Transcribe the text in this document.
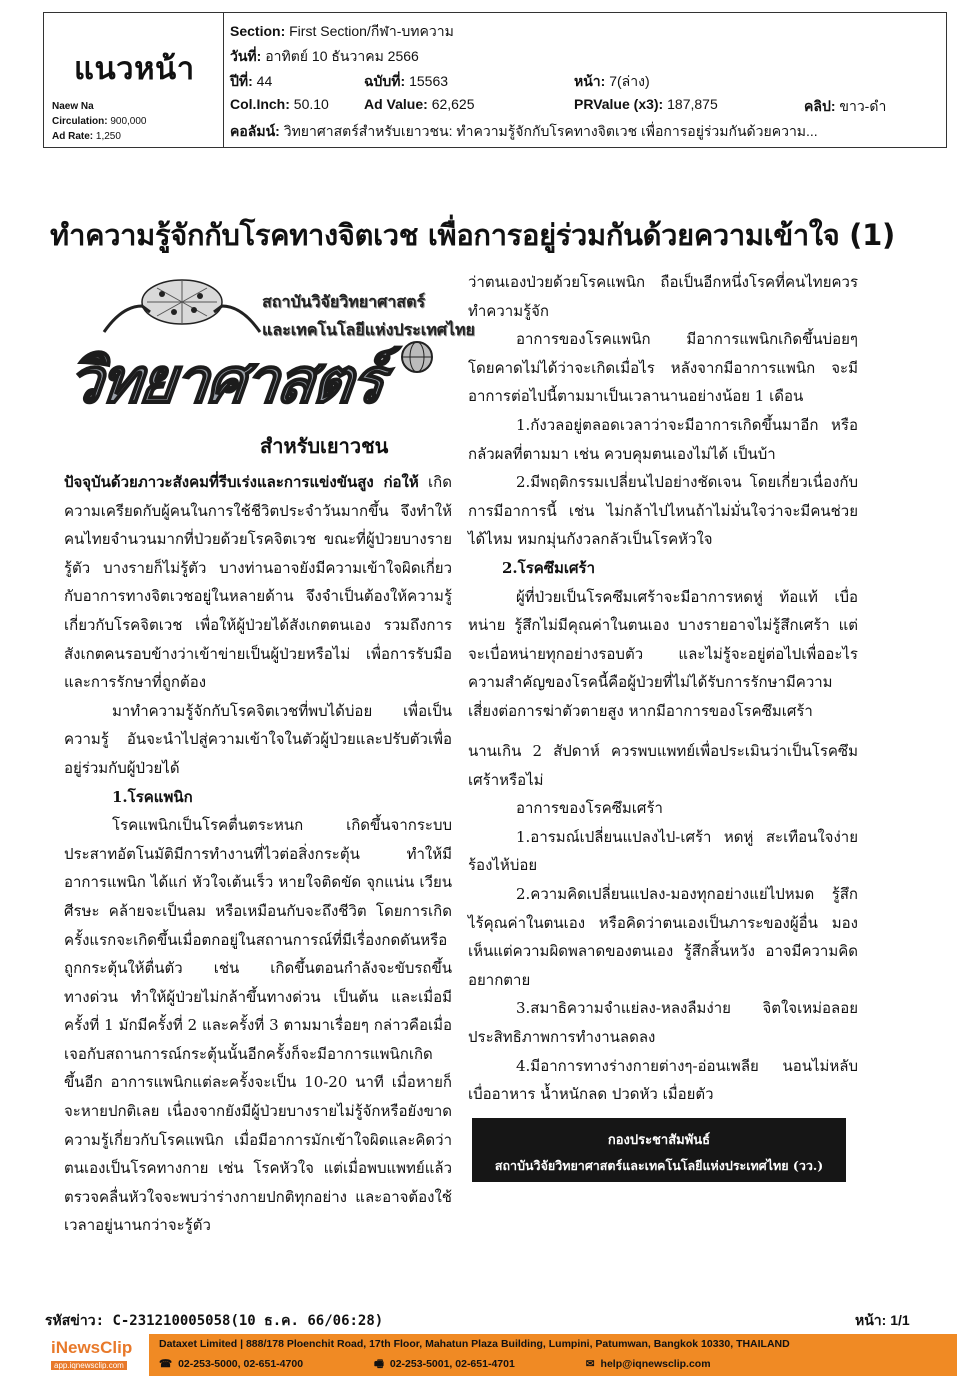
แนวหน้า
Naew Na
Circulation: 900,000
Ad Rate: 1,250
Section: First Section/กีฬา-บทความ
วันที่: อาทิตย์ 10 ธันวาคม 2566
ปีที่: 44	ฉบับที่: 15563	หน้า: 7(ล่าง)
Col.Inch: 50.10	Ad Value: 62,625	PRValue (x3): 187,875	คลิป: ขาว-ดำ
คอลัมน์: วิทยาศาสตร์สำหรับเยาวชน: ทำความรู้จักกับโรคทางจิตเวช เพื่อการอยู่ร่วมกันด้วยความ...
ทำความรู้จักกับโรคทางจิตเวช เพื่อการอยู่ร่วมกันด้วยความเข้าใจ (1)
สถาบันวิจัยวิทยาศาสตร์
และเทคโนโลยีแห่งประเทศไทย
วิทยาศาสตร์
สำหรับเยาวชน

ปัจจุบันด้วยภาวะสังคมที่รีบเร่งและการแข่งขันสูง ก่อให้ เกิดความเครียดกับผู้คนในการใช้ชีวิตประจำวันมากขึ้น จึงทำให้คนไทยจำนวนมากที่ป่วยด้วยโรคจิตเวช ขณะที่ผู้ป่วยบางรายรู้ตัว บางรายก็ไม่รู้ตัว บางท่านอาจยังมีความเข้าใจผิดเกี่ยวกับอาการทางจิตเวชอยู่ในหลายด้าน จึงจำเป็นต้องให้ความรู้เกี่ยวกับโรคจิตเวช เพื่อให้ผู้ป่วยได้สังเกตตนเอง รวมถึงการสังเกตคนรอบข้างว่าเข้าข่ายเป็นผู้ป่วยหรือไม่ เพื่อการรับมือและการรักษาที่ถูกต้อง

มาทำความรู้จักกับโรคจิตเวชที่พบได้บ่อย เพื่อเป็นความรู้ อันจะนำไปสู่ความเข้าใจในตัวผู้ป่วยและปรับตัวเพื่ออยู่ร่วมกับผู้ป่วยได้

1.โรคแพนิก

โรคแพนิกเป็นโรคตื่นตระหนก เกิดขึ้นจากระบบประสาทอัตโนมัติมีการทำงานที่ไวต่อสิ่งกระตุ้น ทำให้มีอาการแพนิก ได้แก่ หัวใจเต้นเร็ว หายใจติดขัด จุกแน่น เวียนศีรษะ คล้ายจะเป็นลม หรือเหมือนกับจะถึงชีวิต โดยการเกิดครั้งแรกจะเกิดขึ้นเมื่อตกอยู่ในสถานการณ์ที่มีเรื่องกดดันหรือถูกกระตุ้นให้ตื่นตัว เช่น เกิดขึ้นตอนกำลังจะขับรถขึ้นทางด่วน ทำให้ผู้ป่วยไม่กล้าขึ้นทางด่วน เป็นต้น และเมื่อมีครั้งที่ 1 มักมีครั้งที่ 2 และครั้งที่ 3 ตามมาเรื่อยๆ กล่าวคือเมื่อเจอกับสถานการณ์กระตุ้นนั้นอีกครั้งก็จะมีอาการแพนิกเกิดขึ้นอีก อาการแพนิกแต่ละครั้งจะเป็น 10-20 นาที เมื่อหายก็จะหายปกติเลย เนื่องจากยังมีผู้ป่วยบางรายไม่รู้จักหรือยังขาดความรู้เกี่ยวกับโรคแพนิก เมื่อมีอาการมักเข้าใจผิดและคิดว่าตนเองเป็นโรคทางกาย เช่น โรคหัวใจ แต่เมื่อพบแพทย์แล้วตรวจคลื่นหัวใจจะพบว่าร่างกายปกติทุกอย่าง และอาจต้องใช้เวลาอยู่นานกว่าจะรู้ตัว

ว่าตนเองป่วยด้วยโรคแพนิก ถือเป็นอีกหนึ่งโรคที่คนไทยควรทำความรู้จัก

อาการของโรคแพนิก มีอาการแพนิกเกิดขึ้นบ่อยๆ โดยคาดไม่ได้ว่าจะเกิดเมื่อไร หลังจากมีอาการแพนิก จะมีอาการต่อไปนี้ตามมาเป็นเวลานานอย่างน้อย 1 เดือน

1.กังวลอยู่ตลอดเวลาว่าจะมีอาการเกิดขึ้นมาอีก หรือกลัวผลที่ตามมา เช่น ควบคุมตนเองไม่ได้ เป็นบ้า

2.มีพฤติกรรมเปลี่ยนไปอย่างชัดเจน โดยเกี่ยวเนื่องกับการมีอาการนี้ เช่น ไม่กล้าไปไหนถ้าไม่มั่นใจว่าจะมีคนช่วยได้ไหม หมกมุ่นกังวลกลัวเป็นโรคหัวใจ

2.โรคซึมเศร้า

ผู้ที่ป่วยเป็นโรคซึมเศร้าจะมีอาการหดหู่ ท้อแท้ เบื่อหน่าย รู้สึกไม่มีคุณค่าในตนเอง บางรายอาจไม่รู้สึกเศร้า แต่จะเบื่อหน่ายทุกอย่างรอบตัว และไม่รู้จะอยู่ต่อไปเพื่ออะไร ความสำคัญของโรคนี้คือผู้ป่วยที่ไม่ได้รับการรักษามีความเสี่ยงต่อการฆ่าตัวตายสูง หากมีอาการของโรคซึมเศร้า

นานเกิน 2 สัปดาห์ ควรพบแพทย์เพื่อประเมินว่าเป็นโรคซึมเศร้าหรือไม่

อาการของโรคซึมเศร้า

1.อารมณ์เปลี่ยนแปลงไป-เศร้า หดหู่ สะเทือนใจง่าย ร้องไห้บ่อย

2.ความคิดเปลี่ยนแปลง-มองทุกอย่างแย่ไปหมด รู้สึกไร้คุณค่าในตนเอง หรือคิดว่าตนเองเป็นภาระของผู้อื่น มองเห็นแต่ความผิดพลาดของตนเอง รู้สึกสิ้นหวัง อาจมีความคิดอยากตาย

3.สมาธิความจำแย่ลง-หลงลืมง่าย จิตใจเหม่อลอย ประสิทธิภาพการทำงานลดลง

4.มีอาการทางร่างกายต่างๆ-อ่อนเพลีย นอนไม่หลับ เบื่ออาหาร น้ำหนักลด ปวดหัว เมื่อยตัว

กองประชาสัมพันธ์
สถาบันวิจัยวิทยาศาสตร์และเทคโนโลยีแห่งประเทศไทย (วว.)
รหัสข่าว: C-231210005058(10 ธ.ค. 66/06:28)	หน้า: 1/1
iNewsClip
app.iqnewsclip.com
Dataxet Limited | 888/178 Ploenchit Road, 17th Floor, Mahatun Plaza Building, Lumpini, Patumwan, Bangkok 10330, THAILAND
☎ 02-253-5000, 02-651-4700	🖷 02-253-5001, 02-651-4701	✉ help@iqnewsclip.com
